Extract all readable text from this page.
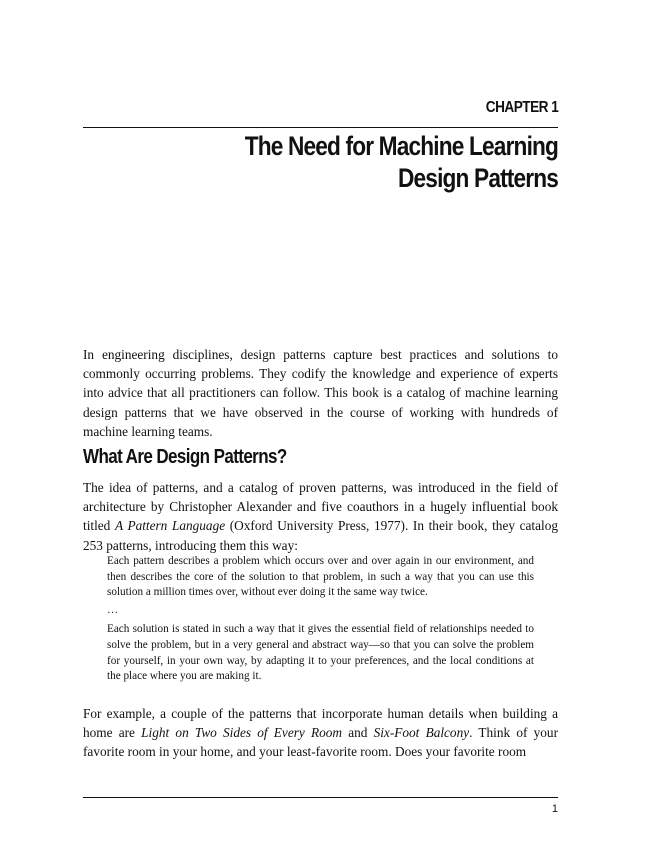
CHAPTER 1
The Need for Machine Learning
Design Patterns

In engineering disciplines, design patterns capture best practices and solutions to commonly occurring problems. They codify the knowledge and experience of experts into advice that all practitioners can follow. This book is a catalog of machine learning design patterns that we have observed in the course of working with hundreds of machine learning teams.

What Are Design Patterns?

The idea of patterns, and a catalog of proven patterns, was introduced in the field of architecture by Christopher Alexander and five coauthors in a hugely influential book titled A Pattern Language (Oxford University Press, 1977). In their book, they catalog 253 patterns, introducing them this way:

Each pattern describes a problem which occurs over and over again in our environment, and then describes the core of the solution to that problem, in such a way that you can use this solution a million times over, without ever doing it the same way twice.

…

Each solution is stated in such a way that it gives the essential field of relationships needed to solve the problem, but in a very general and abstract way—so that you can solve the problem for yourself, in your own way, by adapting it to your preferences, and the local conditions at the place where you are making it.

For example, a couple of the patterns that incorporate human details when building a home are Light on Two Sides of Every Room and Six-Foot Balcony. Think of your favorite room in your home, and your least-favorite room. Does your favorite room

1
